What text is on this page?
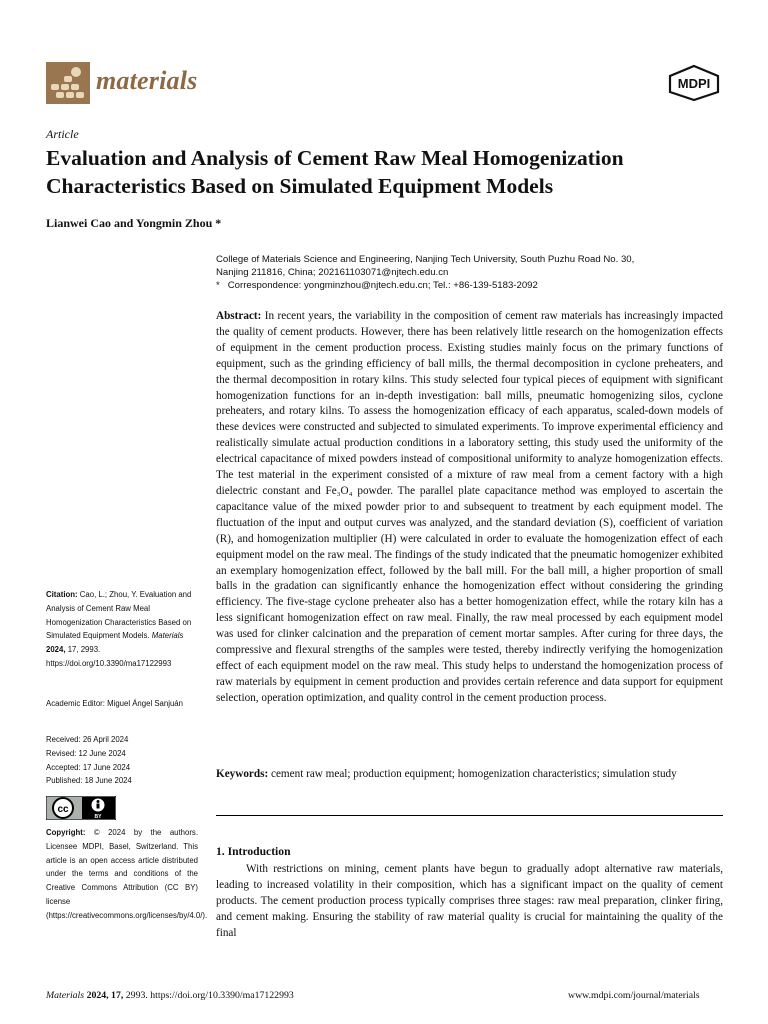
materials	MDPI
Article
Evaluation and Analysis of Cement Raw Meal Homogenization Characteristics Based on Simulated Equipment Models
Lianwei Cao and Yongmin Zhou *
College of Materials Science and Engineering, Nanjing Tech University, South Puzhu Road No. 30,
Nanjing 211816, China; 202161103071@njtech.edu.cn
* Correspondence: yongminzhou@njtech.edu.cn; Tel.: +86-139-5183-2092
Abstract: In recent years, the variability in the composition of cement raw materials has increasingly impacted the quality of cement products. However, there has been relatively little research on the homogenization effects of equipment in the cement production process. Existing studies mainly focus on the primary functions of equipment, such as the grinding efficiency of ball mills, the thermal decomposition in cyclone preheaters, and the thermal decomposition in rotary kilns. This study selected four typical pieces of equipment with significant homogenization functions for an in-depth investigation: ball mills, pneumatic homogenizing silos, cyclone preheaters, and rotary kilns. To assess the homogenization efficacy of each apparatus, scaled-down models of these devices were constructed and subjected to simulated experiments. To improve experimental efficiency and realistically simulate actual production conditions in a laboratory setting, this study used the uniformity of the electrical capacitance of mixed powders instead of compositional uniformity to analyze homogenization effects. The test material in the experiment consisted of a mixture of raw meal from a cement factory with a high dielectric constant and Fe₃O₄ powder. The parallel plate capacitance method was employed to ascertain the capacitance value of the mixed powder prior to and subsequent to treatment by each equipment model. The fluctuation of the input and output curves was analyzed, and the standard deviation (S), coefficient of variation (R), and homogenization multiplier (H) were calculated in order to evaluate the homogenization effect of each equipment model on the raw meal. The findings of the study indicated that the pneumatic homogenizer exhibited an exemplary homogenization effect, followed by the ball mill. For the ball mill, a higher proportion of small balls in the gradation can significantly enhance the homogenization effect without considering the grinding efficiency. The five-stage cyclone preheater also has a better homogenization effect, while the rotary kiln has a less significant homogenization effect on raw meal. Finally, the raw meal processed by each equipment model was used for clinker calcination and the preparation of cement mortar samples. After curing for three days, the compressive and flexural strengths of the samples were tested, thereby indirectly verifying the homogenization effect of each equipment model on the raw meal. This study helps to understand the homogenization process of raw materials by equipment in cement production and provides certain reference and data support for equipment selection, operation optimization, and quality control in the cement production process.
Keywords: cement raw meal; production equipment; homogenization characteristics; simulation study
1. Introduction
With restrictions on mining, cement plants have begun to gradually adopt alternative raw materials, leading to increased volatility in their composition, which has a significant impact on the quality of cement products. The cement production process typically comprises three stages: raw meal preparation, clinker firing, and cement making. Ensuring the stability of raw material quality is crucial for maintaining the quality of the final
Citation: Cao, L.; Zhou, Y. Evaluation and Analysis of Cement Raw Meal Homogenization Characteristics Based on Simulated Equipment Models. Materials 2024, 17, 2993. https://doi.org/10.3390/ma17122993
Academic Editor: Miguel Ángel Sanjuán
Received: 26 April 2024
Revised: 12 June 2024
Accepted: 17 June 2024
Published: 18 June 2024
cc
BY
Copyright: © 2024 by the authors. Licensee MDPI, Basel, Switzerland. This article is an open access article distributed under the terms and conditions of the Creative Commons Attribution (CC BY) license (https://creativecommons.org/licenses/by/4.0/).
Materials 2024, 17, 2993. https://doi.org/10.3390/ma17122993	www.mdpi.com/journal/materials
